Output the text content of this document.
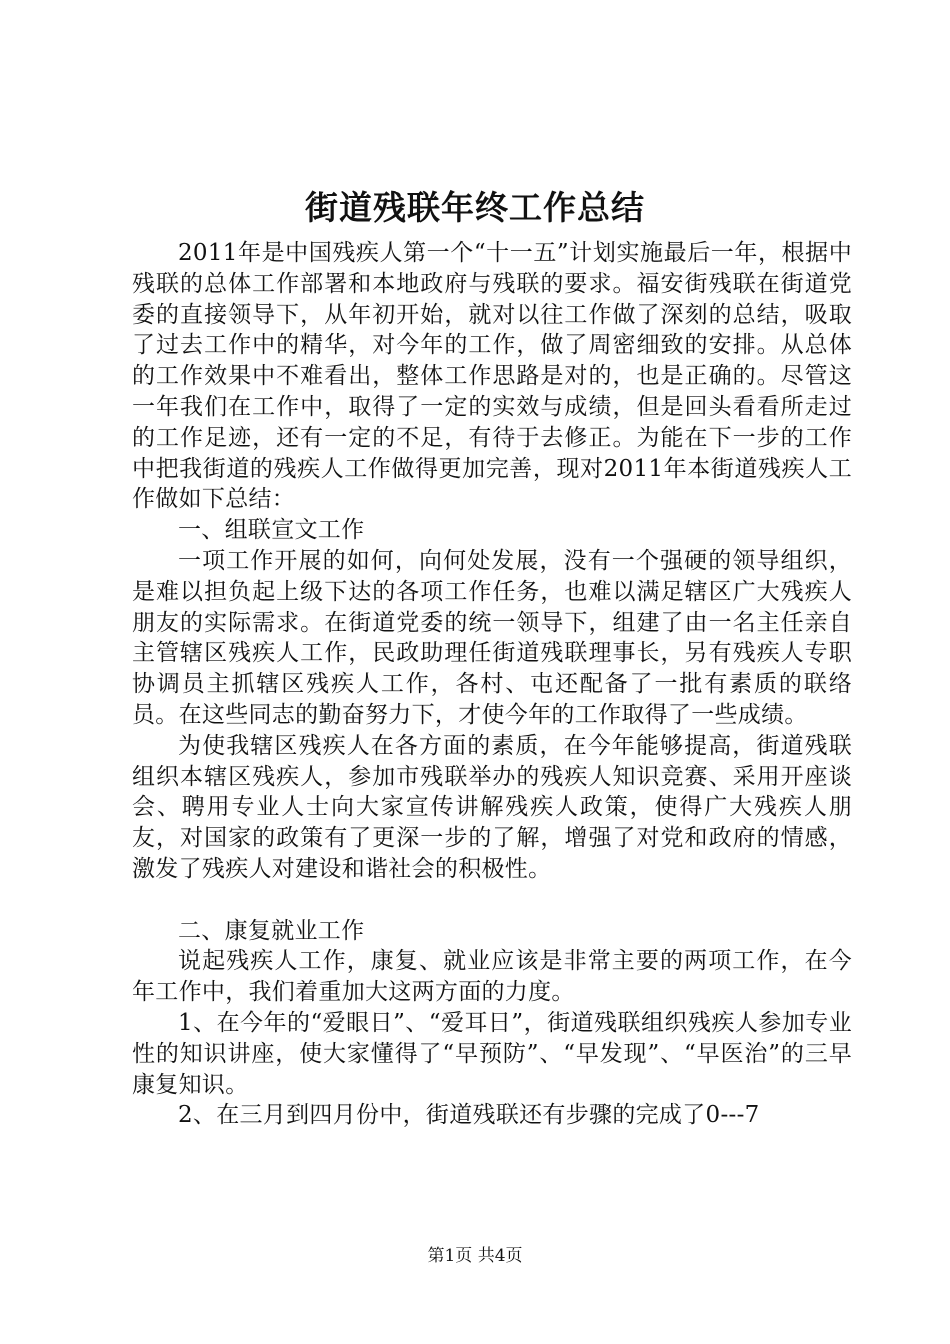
街道残联年终工作总结

2011年是中国残疾人第一个“十一五”计划实施最后一年，根据中残联的总体工作部署和本地政府与残联的要求。福安街残联在街道党委的直接领导下，从年初开始，就对以往工作做了深刻的总结，吸取了过去工作中的精华，对今年的工作，做了周密细致的安排。从总体的工作效果中不难看出，整体工作思路是对的，也是正确的。尽管这一年我们在工作中，取得了一定的实效与成绩，但是回头看看所走过的工作足迹，还有一定的不足，有待于去修正。为能在下一步的工作中把我街道的残疾人工作做得更加完善，现对2011年本街道残疾人工作做如下总结：

一、组联宣文工作

一项工作开展的如何，向何处发展，没有一个强硬的领导组织，是难以担负起上级下达的各项工作任务，也难以满足辖区广大残疾人朋友的实际需求。在街道党委的统一领导下，组建了由一名主任亲自主管辖区残疾人工作，民政助理任街道残联理事长，另有残疾人专职协调员主抓辖区残疾人工作，各村、屯还配备了一批有素质的联络员。在这些同志的勤奋努力下，才使今年的工作取得了一些成绩。

为使我辖区残疾人在各方面的素质，在今年能够提高，街道残联组织本辖区残疾人，参加市残联举办的残疾人知识竞赛、采用开座谈会、聘用专业人士向大家宣传讲解残疾人政策，使得广大残疾人朋友，对国家的政策有了更深一步的了解，增强了对党和政府的情感，激发了残疾人对建设和谐社会的积极性。

二、康复就业工作

说起残疾人工作，康复、就业应该是非常主要的两项工作，在今年工作中，我们着重加大这两方面的力度。

1、在今年的“爱眼日”、“爱耳日”，街道残联组织残疾人参加专业性的知识讲座，使大家懂得了“早预防”、“早发现”、“早医治”的三早康复知识。

2、在三月到四月份中，街道残联还有步骤的完成了0---7

第1页 共4页
